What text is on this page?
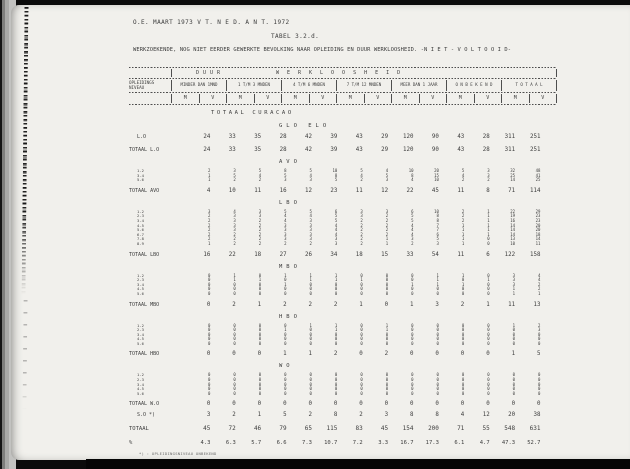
O.E. MAART 1973 V T. N E D. A N T. 1972
TABEL 3.2.d.
WERKZOEKENDE, NOG NIET EERDER GEWERKTE BEVOLKING NAAR OPLEIDING EN DUUR WERKLOOSHEID. -N I E T - V O L T O O I D-
DUUR	WERKLOOSHEID
OPLEIDINGS
NIVEAU
MINDER DAN 1MND	1 T/M 3 MNDEN	4 T/M 6 MNDEN	7 T/M 12 MNDEN	MEER DAN 1 JAAR	O N B E K E N D	T O T A A L
M	V	M	V	M	V	M	V	M	V	M	V	M	V
TOTAAL CURACAO
GLO ELO
L.O	24	33	35	28	42	39	43	29	120	90	43	28	311	251
TOTAAL L.O	24	33	35	28	42	39	43	29	120	90	43	28	311	251
AVO
1-2	2	3	5	8	5	10	5	4	10	20	5	3	32	48
3-4	1	5	4	5	4	8	4	5	8	15	4	3	25	41
5-6	1	2	2	3	3	5	2	3	4	10	2	2	14	25
TOTAAL AVO	4	10	11	16	12	23	11	12	22	45	11	8	71	114
LBO
1-2	3	4	3	5	5	6	3	3	6	10	2	1	22	29
2-3	2	3	3	4	4	5	3	2	5	8	2	1	19	23
3-4	2	3	2	4	3	5	2	2	5	8	2	1	16	23
4-5	2	3	2	3	3	4	2	2	4	7	1	1	14	20
5-6	2	3	2	3	3	4	2	2	4	7	1	1	14	20
6-7	2	2	2	3	3	4	2	2	4	6	1	1	14	18
7-8	2	2	2	3	3	3	2	1	3	5	1	0	13	14
8-9	1	2	2	2	2	3	2	1	2	3	1	0	10	11
TOTAAL LBO	16	22	18	27	26	34	18	15	33	54	11	6	122	158
MBO
1-2	0	1	0	1	1	1	0	0	0	1	1	0	3	4
2-3	0	1	1	0	1	1	1	0	0	1	0	1	3	4
3-4	0	0	0	1	0	0	0	0	1	1	1	0	3	2
4-5	0	0	0	0	0	0	0	0	0	0	0	0	1	2
5-6	0	0	0	0	0	0	0	0	0	0	0	0	1	1
TOTAAL MBO	0	2	1	2	2	2	1	0	1	3	2	1	11	13
HBO
1-2	0	0	0	0	1	1	0	1	0	0	0	0	1	2
2-3	0	0	0	1	0	1	0	1	0	0	0	0	0	3
3-4	0	0	0	0	0	0	0	0	0	0	0	0	0	0
4-5	0	0	0	0	0	0	0	0	0	0	0	0	0	0
5-6	0	0	0	0	0	0	0	0	0	0	0	0	0	0
TOTAAL HBO	0	0	0	1	1	2	0	2	0	0	0	0	1	5
WO
1-2	0	0	0	0	0	0	0	0	0	0	0	0	0	0
2-3	0	0	0	0	0	0	0	0	0	0	0	0	0	0
3-4	0	0	0	0	0	0	0	0	0	0	0	0	0	0
4-5	0	0	0	0	0	0	0	0	0	0	0	0	0	0
5-6	0	0	0	0	0	0	0	0	0	0	0	0	0	0
TOTAAL W.O	0	0	0	0	0	0	0	0	0	0	0	0	0	0
S.O *)	3	2	1	5	2	8	2	3	8	8	4	12	20	38
TOTAAL	45	72	46	79	65	115	83	45	154	200	71	55	548	631
%	4.3	6.3	5.7	6.6	7.3	10.7	7.2	3.3	16.7	17.3	6.1	4.7	47.3	52.7
*) : OPLEIDINGSNIVEAU ONBEKEND
